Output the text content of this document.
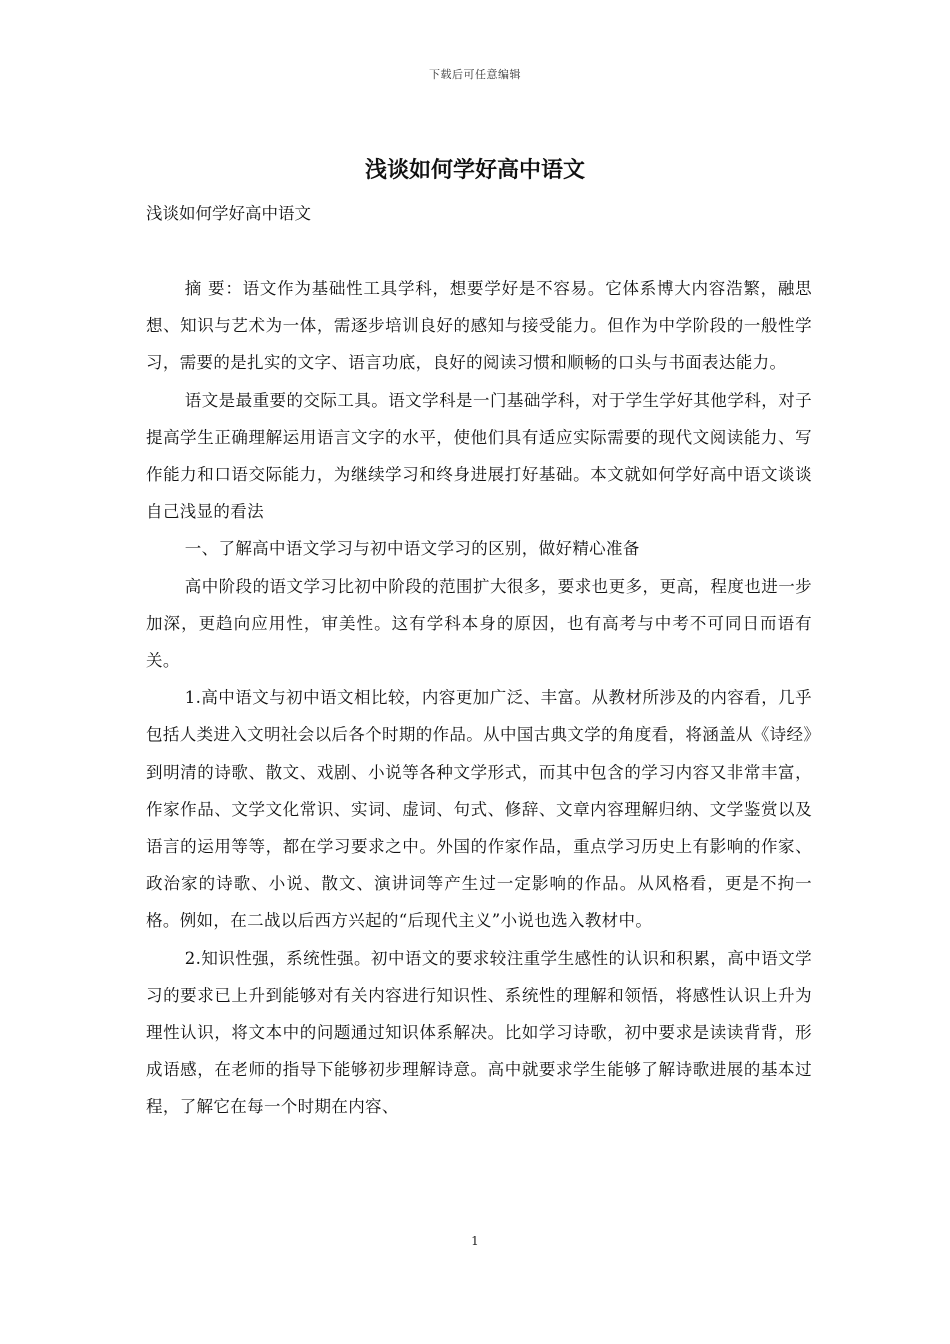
下载后可任意编辑
浅谈如何学好高中语文

浅谈如何学好高中语文

摘 要：语文作为基础性工具学科，想要学好是不容易。它体系博大内容浩繁，融思想、知识与艺术为一体，需逐步培训良好的感知与接受能力。但作为中学阶段的一般性学习，需要的是扎实的文字、语言功底，良好的阅读习惯和顺畅的口头与书面表达能力。

语文是最重要的交际工具。语文学科是一门基础学科，对于学生学好其他学科，对子提高学生正确理解运用语言文字的水平，使他们具有适应实际需要的现代文阅读能力、写作能力和口语交际能力，为继续学习和终身进展打好基础。本文就如何学好高中语文谈谈自己浅显的看法

一、了解高中语文学习与初中语文学习的区别，做好精心准备

高中阶段的语文学习比初中阶段的范围扩大很多，要求也更多，更高，程度也进一步加深，更趋向应用性，审美性。这有学科本身的原因，也有高考与中考不可同日而语有关。

1.高中语文与初中语文相比较，内容更加广泛、丰富。从教材所涉及的内容看，几乎包括人类进入文明社会以后各个时期的作品。从中国古典文学的角度看，将涵盖从《诗经》到明清的诗歌、散文、戏剧、小说等各种文学形式，而其中包含的学习内容又非常丰富，作家作品、文学文化常识、实词、虚词、句式、修辞、文章内容理解归纳、文学鉴赏以及语言的运用等等，都在学习要求之中。外国的作家作品，重点学习历史上有影响的作家、政治家的诗歌、小说、散文、演讲词等产生过一定影响的作品。从风格看，更是不拘一格。例如，在二战以后西方兴起的“后现代主义”小说也选入教材中。

2.知识性强，系统性强。初中语文的要求较注重学生感性的认识和积累，高中语文学习的要求已上升到能够对有关内容进行知识性、系统性的理解和领悟，将感性认识上升为理性认识，将文本中的问题通过知识体系解决。比如学习诗歌，初中要求是读读背背，形成语感，在老师的指导下能够初步理解诗意。高中就要求学生能够了解诗歌进展的基本过程，了解它在每一个时期在内容、

1
